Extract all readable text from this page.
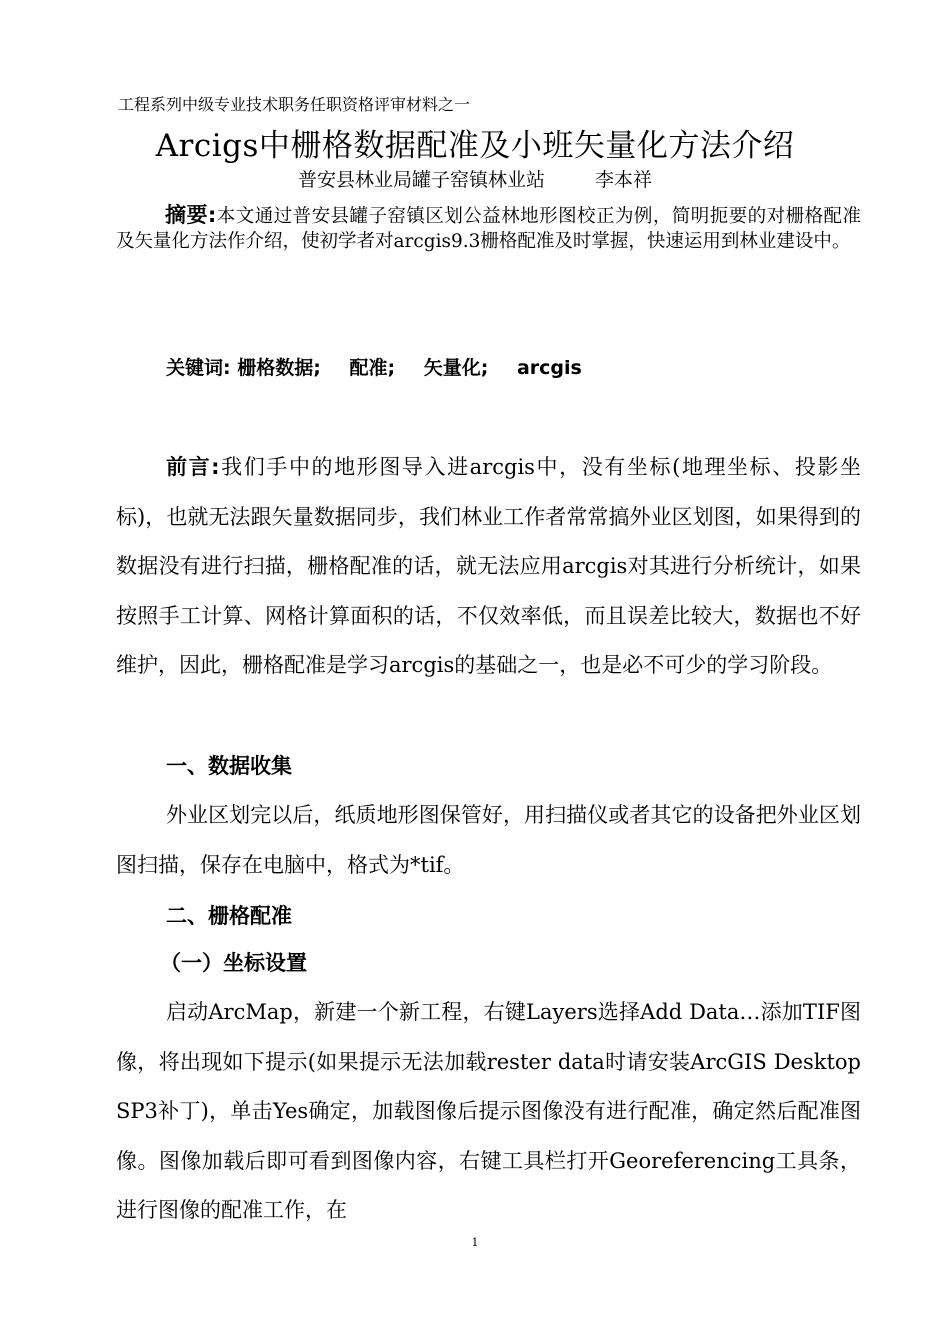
工程系列中级专业技术职务任职资格评审材料之一
Arcigs中栅格数据配准及小班矢量化方法介绍
普安县林业局罐子窑镇林业站	李本祥
摘要:本文通过普安县罐子窑镇区划公益林地形图校正为例，简明扼要的对栅格配准及矢量化方法作介绍，使初学者对arcgis9.3栅格配准及时掌握，快速运用到林业建设中。
关键词: 栅格数据; 配准; 矢量化; arcgis
前言:我们手中的地形图导入进arcgis中，没有坐标(地理坐标、投影坐标)，也就无法跟矢量数据同步，我们林业工作者常常搞外业区划图，如果得到的数据没有进行扫描，栅格配准的话，就无法应用arcgis对其进行分析统计，如果按照手工计算、网格计算面积的话，不仅效率低，而且误差比较大，数据也不好维护，因此，栅格配准是学习arcgis的基础之一，也是必不可少的学习阶段。
一、数据收集
外业区划完以后，纸质地形图保管好，用扫描仪或者其它的设备把外业区划图扫描，保存在电脑中，格式为*tif。
二、栅格配准
（一）坐标设置
启动ArcMap，新建一个新工程，右键Layers选择Add Data…添加TIF图像，将出现如下提示(如果提示无法加载rester data时请安装ArcGIS Desktop SP3补丁)，单击Yes确定，加载图像后提示图像没有进行配准，确定然后配准图像。图像加载后即可看到图像内容，右键工具栏打开Georeferencing工具条，进行图像的配准工作，在
1
